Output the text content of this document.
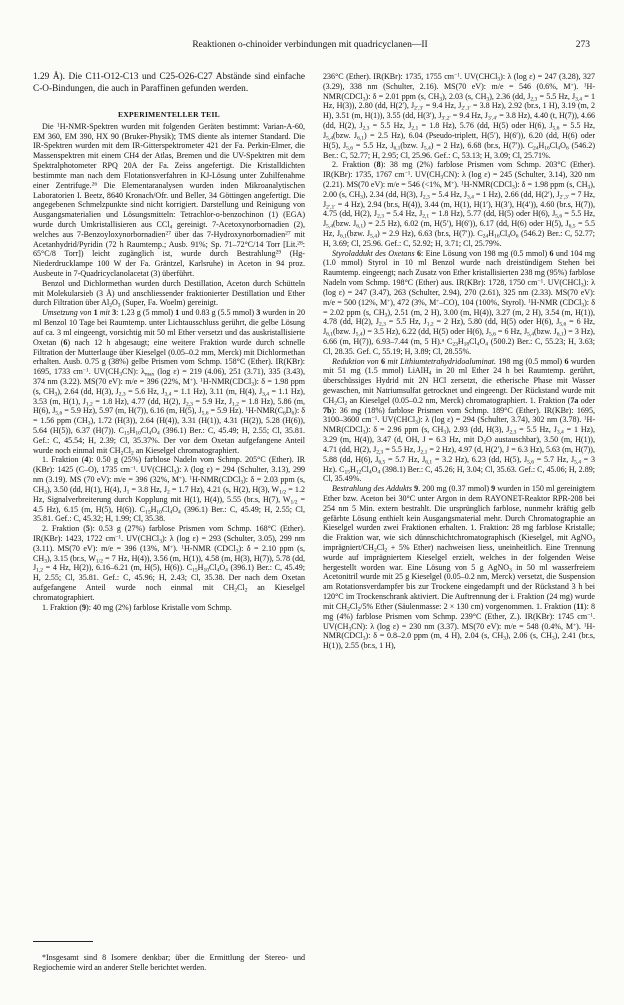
Reaktionen o-chinoider verbindungen mit quadricyclanen—II	273

1.29 Å). Die C11-O12-C13 und C25-O26-C27 Abstände sind einfache C-O-Bindungen, die auch in Paraffinen gefunden werden.

EXPERIMENTELLER TEIL

Die $^1$H-NMR-Spektren wurden mit folgenden Geräten bestimmt: Varian-A-60, EM 360, EM 390, HX 90 (Bruker-Physik); TMS diente als interner Standard. Die IR-Spektren wurden mit dem IR-Gitterspektrometer 421 der Fa. Perkin-Elmer, die Massenspektren mit einem CH4 der Atlas, Bremen und die UV-Spektren mit dem Spektralphotometer RPQ 20A der Fa. Zeiss angefertigt. Die Kristalldichten bestimmte man nach dem Flotationsverfahren in KJ-Lösung unter Zuhilfenahme einer Zentrifuge.$^{26}$ Die Elementaranalysen wurden inden Mikroanalytischen Laboratorien I. Beetz, 8640 Kronach/Ofr. und Beller, 34 Göttingen angefertigt. Die angegebenen Schmelzpunkte sind nicht korrigiert. Darstellung und Reinigung von Ausgangsmaterialien und Lösungsmitteln: Tetrachlor-o-benzochinon (1) (EGA) wurde durch Umkristallisieren aus CCl$_4$ gereinigt. 7-Acetoxynorbornadien (2), welches aus 7-Benzoyloxynorbornadien$^{27}$ über das 7-Hydroxynorbornadien$^{27}$ mit Acetanhydrid/Pyridin (72 h Raumtemp.; Ausb. 91%; Sp. 71–72°C/14 Torr [Lit.$^{28}$: 65°C/8 Torr]) leicht zugänglich ist, wurde durch Bestrahlung$^{29}$ (Hg-Niederdrucklampe 100 W der Fa. Gräntzel, Karlsruhe) in Aceton in 94 proz. Ausbeute in 7-Quadricyclanolacetat (3) überführt.

Benzol und Dichlormethan wurden durch Destillation, Aceton durch Schütteln mit Molekularsieb (3 Å) und anschliessender fraktionierter Destillation und Ether durch Filtration über $Al_2O_3$ (Super, Fa. Woelm) gereinigt.

Umsetzung von 1 mit 3: 1.23 g (5 mmol) 1 und 0.83 g (5.5 mmol) 3 wurden in 20 ml Benzol 10 Tage bei Raumtemp. unter Lichtausschluss gerührt, die gelbe Lösung auf ca. 3 ml eingeengt, vorsichtig mit 50 ml Ether versetzt und das auskristallisierte Oxetan (6) nach 12 h abgesaugt; eine weitere Fraktion wurde durch schnelle Filtration der Mutterlauge über Kieselgel (0.05–0.2 mm, Merck) mit Dichlormethan erhalten. Ausb. 0.75 g (38%) gelbe Prismen vom Schmp. 158°C (Ether). IR(KBr): 1695, 1733 $cm^{-1}$. $UV(CH_3CN)$: $\lambda_{max}$ (log ε) = 219 (4.06), 251 (3.71), 335 (3.43), 374 nm (3.22). MS(70 eV): m/e = 396 (22%, M+). $^1$H-NMR(CDCl$_3$): δ = 1.98 ppm (s, $CH_3$), 2.64 (dd, H(3), $J_{2,3} = 5.6$ Hz, $J_{3,4} = 1.1$ Hz), 3.11 (m, H(4), $J_{3,4} = 1.1$ Hz), 3.53 (m, H(1), $J_{1,2} = 1.8$ Hz), 4.77 (dd, H(2), $J_{2,3} = 5.9$ Hz, $J_{1,2} = 1.8$ Hz), 5.86 (m, H(6), $J_{5,6} = 5.9$ Hz), 5.97 (m, H(7)), 6.16 (m, H(5), $J_{5,6} = 5.9$ Hz). $^1H-NMR(C_6D_6)$: δ = 1.56 ppm $(CH_3)$, 1.72 (H(3)), 2.64 (H(4)), 3.31 (H(1)), 4.31 (H(2)), 5.28 (H(6)), 5.64 (H(5)), 6.37 (H(7)). $C_{15}H_{10}Cl_4O_4$ (396.1) Ber.: C, 45.49; H, 2.55; Cl, 35.81. Gef.: C, 45.54; H, 2.39; Cl, 35.37%. Der vor dem Oxetan aufgefangene Anteil wurde noch einmal mit $CH_2Cl_2$ an Kieselgel chromatographiert.

1. Fraktion (4): 0.50 g (25%) farblose Nadeln vom Schmp. 205°C (Ether). IR (KBr): 1425 (C–O), 1735 $cm^{-1}$. UV(CHCl$_3$): λ (log ε) = 294 (Schulter, 3.13), 299 nm (3.19). MS (70 eV): m/e = 396 (32%, M+). $^1$H-NMR(CDCl$_3$): δ = 2.03 ppm (s, $CH_3$), 3.50 (dd, H(1), H(4), $J_1 = 3.8$ Hz, $J_2 = 1.7$ Hz), 4.21 (s, H(2), H(3), $W_{1/2} = 1.2$ Hz, Signalverbreiterung durch Kopplung mit H(1), H(4)), 5.55 (br.s, H(7), $W_{1/2} = 4.5$ Hz), 6.15 (m, H(5), H(6)). $C_{15}H_{10}Cl_4O_4$ (396.1) Ber.: C, 45.49; H, 2.55; Cl, 35.81. Gef.: C, 45.32; H, 1.99; Cl, 35.38.

2. Fraktion (5): 0.53 g (27%) farblose Prismen vom Schmp. 168°C (Ether). IR(KBr): 1423, 1722 $cm^{-1}$. UV(CHCl$_3$): λ (log ε) = 293 (Schulter, 3.05), 299 nm (3.11). MS(70 eV): m/e = 396 (13%, M+). $^1$H-NMR (CDCl$_3$): δ = 2.10 ppm (s, $CH_3$), 3.15 (br.s, $W_{1/2} = 7$ Hz, H(4)), 3.56 (m, H(1)), 4.58 (m, H(3), H(7)), 5.78 (dd, $J_{1,2} = 4$ Hz, H(2)), 6.16–6.21 (m, H(5), H(6)). $C_{15}H_{10}Cl_4O_4$ (396.1) Ber.: C, 45.49; H, 2.55; Cl, 35.81. Gef.: C, 45.96; H, 2.43; Cl, 35.38. Der nach dem Oxetan aufgefangene Anteil wurde noch einmal mit $CH_2Cl_2$ an Kieselgel chromatographiert.

1. Fraktion (9): 40 mg (2%) farblose Kristalle vom Schmp.

*Insgesamt sind 8 Isomere denkbar; über die Ermittlung der Stereo- und Regiochemie wird an anderer Stelle berichtet werden.

236°C (Ether). IR(KBr): 1735, 1755 $cm^{-1}$. UV(CHCl$_3$): λ (log ε) = 247 (3.28), 327 (3.29), 338 nm (Schulter, 2.16). MS(70 eV): m/e = 546 (0.6%, M+). $^1$H-NMR(CDCl$_3$): δ = 2.01 ppm (s, $CH_3$), 2.03 (s, $CH_3$), 2.36 (dd, $J_{2,3} = 5.5$ Hz, $J_{3,4} = 1$ Hz, H(3)), 2.80 (dd, H(2′), $J_{2',3'} = 9.4$ Hz, $J_{2',1'} = 3.8$ Hz), 2.92 (br.s, 1 H), 3.19 (m, 2 H), 3.51 (m, H(1)), 3.55 (dd, H(3′), $J_{3',2'} = 9.4$ Hz, $J_{3',4'} = 3.8$ Hz), 4.40 (t, H(7)), 4.66 (dd, H(2), $J_{2,3} = 5.5$ Hz, $J_{2,1} = 1.8$ Hz), 5.76 (dd, H(5) oder H(6), $J_{5,6} = 5.5$ Hz, $J_{5,4}(bzw$. $J_{6,1}) = 2.5$ Hz), 6.04 (Pseudo-triplett, H(5′), H(6′)), 6.20 (dd, H(6) oder H(5), $J_{5,6} = 5.5$ Hz, $J_{6,1}(bzw$. $J_{5,4}) = 2$ Hz), 6.68 (br.s, H(7′)). $C_{24}H_{16}Cl_4O_6$ (546.2) Ber.: C, 52.77; H, 2.95; Cl, 25.96. Gef.: C, 53.13; H, 3.09; Cl, 25.71%.

2. Fraktion (8): 38 mg (2%) farblose Prismen vom Schmp. 203°C (Ether). IR(KBr): 1735, 1767 $cm^{-1}$. $UV(CH_3CN)$: λ (log ε) = 245 (Schulter, 3.14), 320 nm (2.21). MS(70 eV): m/e = 546 (<1%, M+). $^1$H-NMR(CDCl$_3$): δ = 1.98 ppm (s, $CH_3$), 2.00 (s, $CH_3$), 2.34 (dd, H(3), $J_{2,3} = 5.4$ Hz, $J_{3,4} = 1$ Hz), 2.66 (dd, H(2′), $J_{2',3'} = 7$ Hz, $J_{2',1'} = 4$ Hz), 2.94 (br.s, H(4)), 3.44 (m, H(1), H(1′), H(3′), H(4′)), 4.60 (br.s, H(7)), 4.75 (dd, H(2), $J_{2,3} = 5.4$ Hz, $J_{2,1} = 1.8$ Hz), 5.77 (dd, H(5) oder H(6), $J_{5,6} = 5.5$ Hz, $J_{5,4}(bzw$. $J_{6,1}) = 2.5$ Hz), 6.02 (m, H(5′), H(6′)), 6.17 (dd, H(6) oder H(5), $J_{6,5} = 5.5$ Hz, $J_{6,1}(bzw$. $J_{5,4}) = 2.9$ Hz), 6.63 (br.s, H(7′)). $C_{24}H_{16}Cl_4O_6$ (546.2) Ber.: C, 52.77; H, 3.69; Cl, 25.96. Gef.: C, 52.92; H, 3.71; Cl, 25.79%.

Styroladdukt des Oxetans 6: Eine Lösung von 198 mg (0.5 mmol) 6 und 104 mg (1.0 mmol) Styrol in 10 ml Benzol wurde nach dreistündigem Stehen bei Raumtemp. eingeengt; nach Zusatz von Ether kristallisierten 238 mg (95%) farblose Nadeln vom Schmp. 198°C (Ether) aus. IR(KBr): 1728, 1750 $cm^{-1}$. UV(CHCl$_3$): λ (log ε) = 247 (3.47), 263 (Schulter, 2.94), 270 (2.61), 325 nm (2.33). MS(70 eV): m/e = 500 (12%, M+), 472 (3%, M+–CO), 104 (100%, Styrol). $^1$H-NMR (CDCl$_3$): δ = 2.02 ppm (s, $CH_3$), 2.51 (m, 2 H), 3.00 (m, H(4)), 3.27 (m, 2 H), 3.54 (m, H(1)), 4.78 (dd, H(2), $J_{2,3} = 5.5$ Hz, $J_{1,2} = 2$ Hz), 5.80 (dd, H(5) oder H(6), $J_{5,6} = 6$ Hz, $J_{6,1}(bzw$. $J_{5,4}) = 3.5$ Hz), 6.22 (dd, H(5) oder H(6), $J_{5,6} = 6$ Hz, $J_{5,4}(bzw$. $J_{6,1}) = 3$ Hz), 6.66 (m, H(7)), 6.93–7.44 (m, 5 H).$^a$ $C_{23}H_{18}Cl_4O_4$ (500.2) Ber.: C, 55.23; H, 3.63; Cl, 28.35. Gef. C, 55.19; H, 3.89; Cl, 28.55%.

Reduktion von 6 mit Lithiumtetrahydridoaluminat. 198 mg (0.5 mmol) 6 wurden mit 51 mg (1.5 mmol) LiAlH$_4$ in 20 ml Ether 24 h bei Raumtemp. gerührt, überschüssiges Hydrid mit 2N HCl zersetzt, die etherische Phase mit Wasser gewaschen, mit Natriumsulfat getrocknet und eingeengt. Der Rückstand wurde mit $CH_2Cl_2$ an Kieselgel (0.05–0.2 nm, Merck) chromatographiert. 1. Fraktion (7a oder 7b): 36 mg (18%) farblose Prismen vom Schmp. 189°C (Ether). IR(KBr): 1695, 3100–3600 $cm^{-1}$. UV(CHCl$_3$): λ (log ε) = 294 (Schulter, 3.74), 302 nm (3.78). $^1$H-NMR(CDCl$_3$): δ = 2.96 ppm (s, $CH_3$), 2.93 (dd, H(3), $J_{2,3} = 5.5$ Hz, $J_{3,4} = 1$ Hz), 3.29 (m, H(4)), 3.47 (d, OH, J = 6.3 Hz, mit $D_2O$ austauschbar), 3.50 (m, H(1)), 4.71 (dd, H(2), $J_{2,3} = 5.5$ Hz, $J_{2,1} = 2$ Hz), 4.97 (d, H(2′), J = 6.3 Hz), 5.63 (m, H(7)), 5.88 (dd, H(6), $J_{6,5} = 5.7$ Hz, $J_{6,1} = 3.2$ Hz), 6.23 (dd, H(5), $J_{5,6} = 5.7$ Hz, $J_{5,4} = 3$ Hz). $C_{15}H_{12}Cl_4O_4$ (398.1) Ber.: C, 45.26; H, 3.04; Cl, 35.63. Gef.: C, 45.06; H, 2.89; Cl, 35.49%.

Bestrahlung des Addukts 9. 200 mg (0.37 mmol) 9 wurden in 150 ml gereinigtem Ether bzw. Aceton bei 30°C unter Argon in dem RAYONET-Reaktor RPR-208 bei 254 nm 5 Min. extern bestrahlt. Die ursprünglich farblose, nunmehr kräftig gelb gefärbte Lösung enthielt kein Ausgangsmaterial mehr. Durch Chromatographie an Kieselgel wurden zwei Fraktionen erhalten. 1. Fraktion: 28 mg farblose Kristalle; die Fraktion war, wie sich dünnschichtchromatographisch (Kieselgel, mit AgNO$_3$ imprägniert/$CH_2Cl_2 + 5\%$ Ether) nachweisen liess, uneinheitlich. Eine Trennung wurde auf imprägniertem Kieselgel erzielt, welches in der folgenden Weise hergestellt worden war. Eine Lösung von 5 g AgNO$_3$ in 50 ml wasserfreiem Acetonitril wurde mit 25 g Kieselgel (0.05–0.2 nm, Merck) versetzt, die Suspension am Rotationsverdampfer bis zur Trockene eingedampft und der Rückstand 3 h bei 120°C im Trockenschrank aktiviert. Die Auftrennung der i. Fraktion (24 mg) wurde mit $CH_2Cl_2/5\%$ Ether (Säulenmasse: 2 × 130 cm) vorgenommen. 1. Fraktion (11): 8 mg (4%) farblose Prismen vom Schmp. 239°C (Ether, Z.). IR(KBr): 1745 $cm^{-1}$. $UV(CH_3CN)$: λ (log ε) = 230 nm (3.37). MS(70 eV): m/e = 548 (0.4%, M+). $^1$H-NMR(CDCl$_3$): δ = 0.8–2.0 ppm (m, 4 H), 2.04 (s, $CH_3$), 2.06 (s, $CH_3$), 2.41 (br.s, H(1)), 2.55 (br.s, 1 H),
